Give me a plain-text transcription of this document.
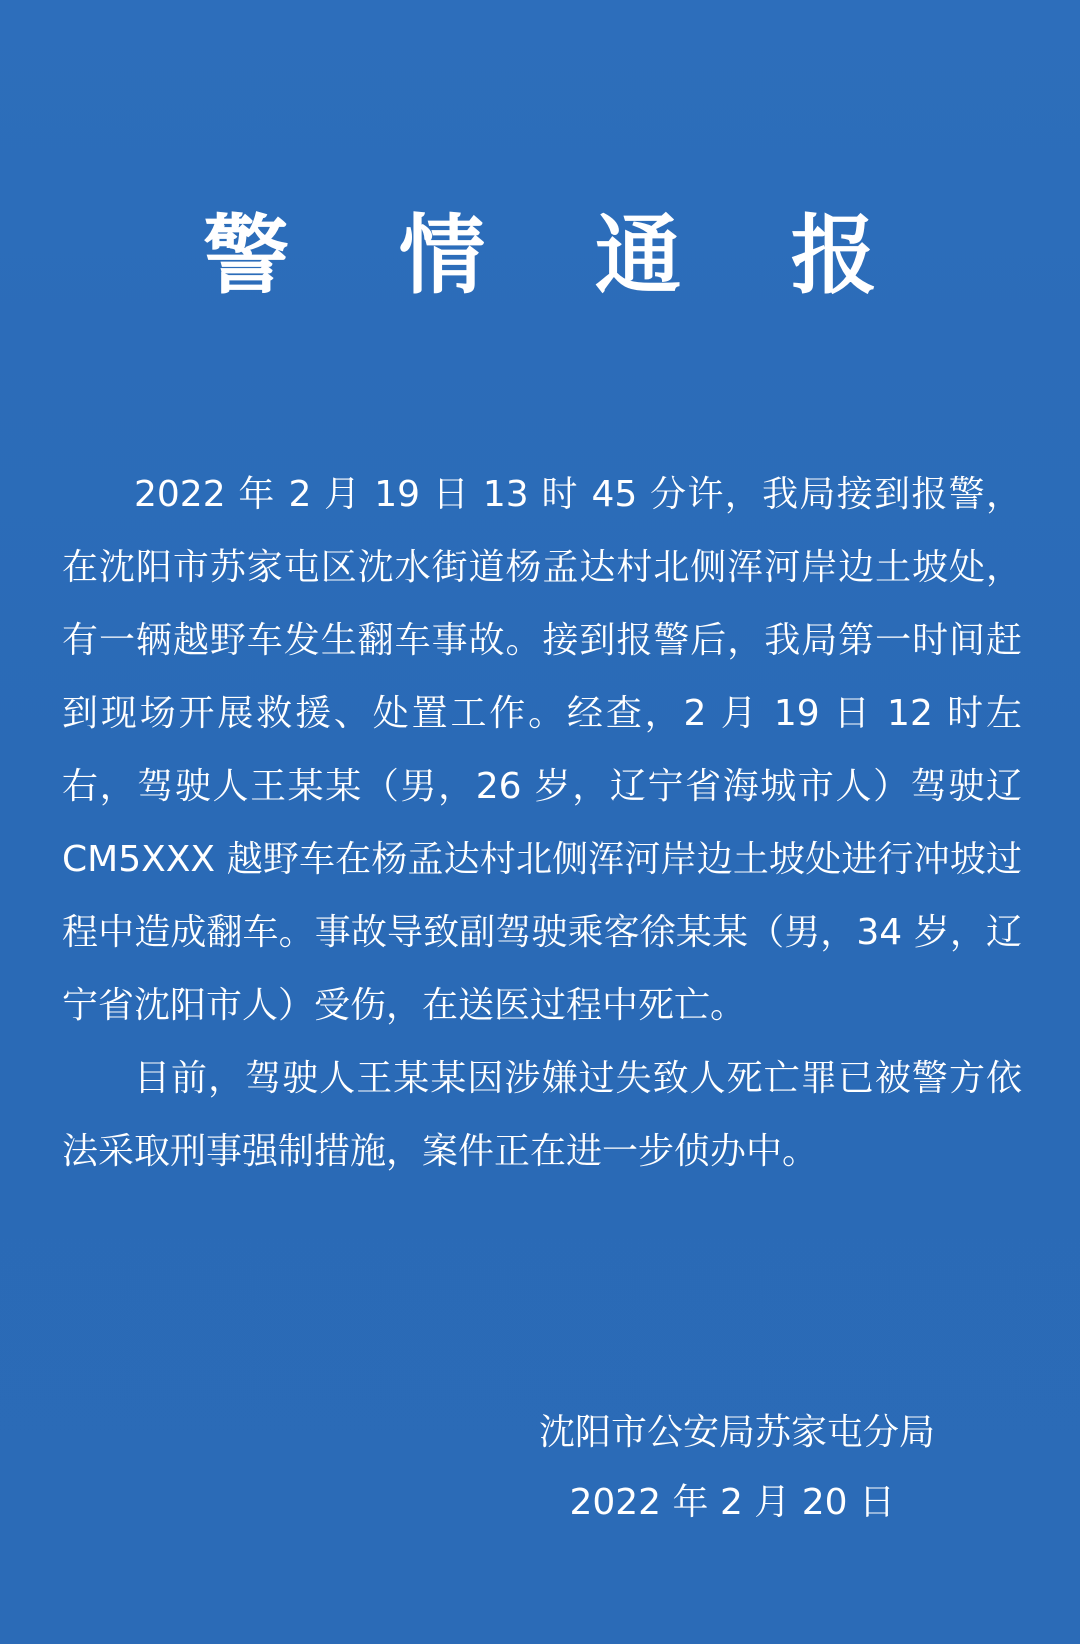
警 情 通 报

2022 年 2 月 19 日 13 时 45 分许，我局接到报警，在沈阳市苏家屯区沈水街道杨孟达村北侧浑河岸边土坡处，有一辆越野车发生翻车事故。接到报警后，我局第一时间赶到现场开展救援、处置工作。经查，2 月 19 日 12 时左右，驾驶人王某某（男，26 岁，辽宁省海城市人）驾驶辽 CM5XXX 越野车在杨孟达村北侧浑河岸边土坡处进行冲坡过程中造成翻车。事故导致副驾驶乘客徐某某（男，34 岁，辽宁省沈阳市人）受伤，在送医过程中死亡。

目前，驾驶人王某某因涉嫌过失致人死亡罪已被警方依法采取刑事强制措施，案件正在进一步侦办中。

沈阳市公安局苏家屯分局
2022 年 2 月 20 日
